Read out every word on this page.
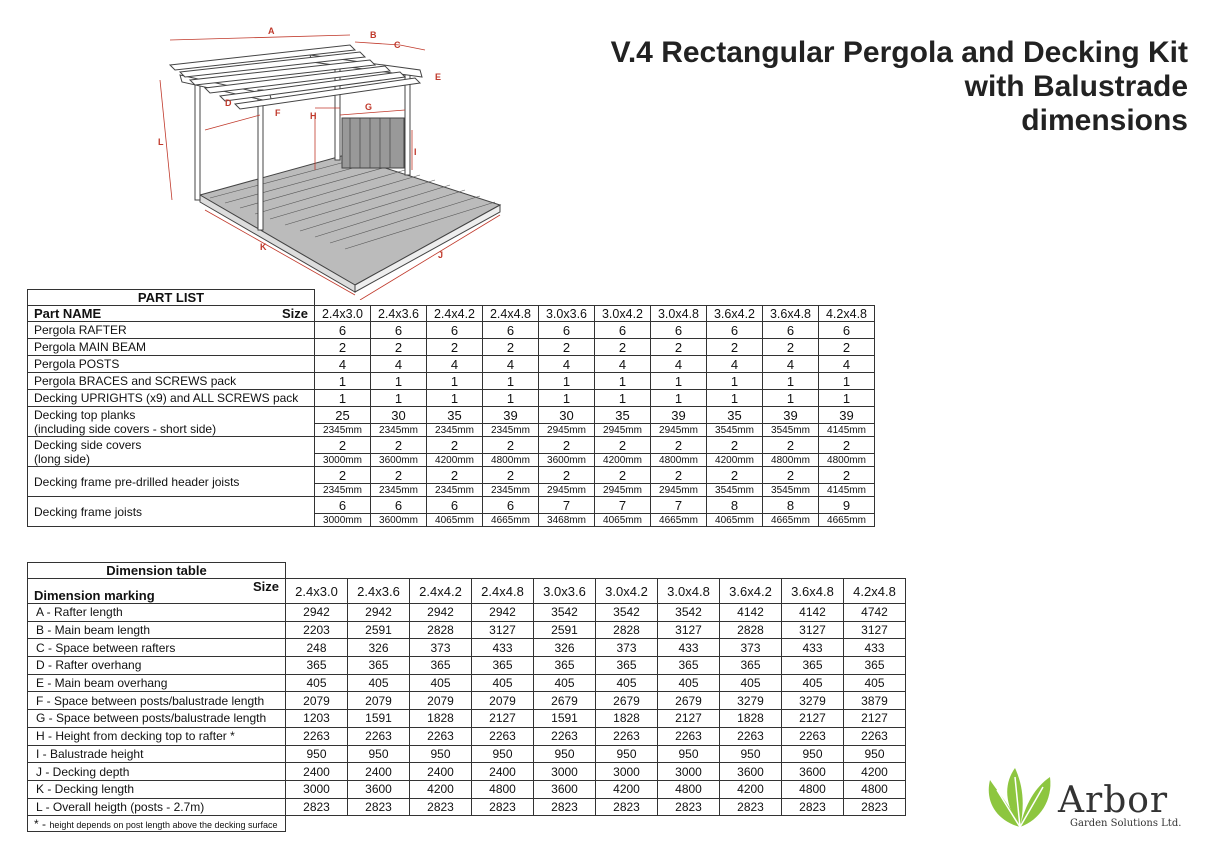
V.4 Rectangular Pergola and Decking Kit
with Balustrade
dimensions
A	B
C
E
D
F	H
G
I
L
K
J
PART LIST										

Part NAME Size	2.4x3.0	2.4x3.6	2.4x4.2	2.4x4.8	3.0x3.6	3.0x4.2	3.0x4.8	3.6x4.2	3.6x4.8	4.2x4.8

Pergola RAFTER	6	6	6	6	6	6	6	6	6	6

Pergola MAIN BEAM	2	2	2	2	2	2	2	2	2	2

Pergola POSTS	4	4	4	4	4	4	4	4	4	4

Pergola BRACES and SCREWS pack	1	1	1	1	1	1	1	1	1	1

Decking UPRIGHTS (x9) and ALL SCREWS pack	1	1	1	1	1	1	1	1	1	1

Decking top planks
(including side covers - short side)	25	30	35	39	30	35	39	35	39	39
	2345mm	2345mm	2345mm	2345mm	2945mm	2945mm	2945mm	3545mm	3545mm	4145mm

Decking side covers
(long side)	2	2	2	2	2	2	2	2	2	2
	3000mm	3600mm	4200mm	4800mm	3600mm	4200mm	4800mm	4200mm	4800mm	4800mm

Decking frame pre-drilled header joists	2	2	2	2	2	2	2	2	2	2
	2345mm	2345mm	2345mm	2345mm	2945mm	2945mm	2945mm	3545mm	3545mm	4145mm

Decking frame joists	6	6	6	6	7	7	7	8	8	9
	3000mm	3600mm	4065mm	4665mm	3468mm	4065mm	4665mm	4065mm	4665mm	4665mm
Dimension table										

Size
Dimension marking	2.4x3.0	2.4x3.6	2.4x4.2	2.4x4.8	3.0x3.6	3.0x4.2	3.0x4.8	3.6x4.2	3.6x4.8	4.2x4.8
A - Rafter length	2942	2942	2942	2942	3542	3542	3542	4142	4142	4742
B - Main beam length	2203	2591	2828	3127	2591	2828	3127	2828	3127	3127
C - Space between rafters	248	326	373	433	326	373	433	373	433	433
D - Rafter overhang	365	365	365	365	365	365	365	365	365	365
E - Main beam overhang	405	405	405	405	405	405	405	405	405	405
F - Space between posts/balustrade length	2079	2079	2079	2079	2679	2679	2679	3279	3279	3879
G - Space between posts/balustrade length	1203	1591	1828	2127	1591	1828	2127	1828	2127	2127
H - Height from decking top to rafter *	2263	2263	2263	2263	2263	2263	2263	2263	2263	2263
I - Balustrade height	950	950	950	950	950	950	950	950	950	950
J - Decking depth	2400	2400	2400	2400	3000	3000	3000	3600	3600	4200
K - Decking length	3000	3600	4200	4800	3600	4200	4800	4200	4800	4800
L - Overall heigth (posts - 2.7m)	2823	2823	2823	2823	2823	2823	2823	2823	2823	2823
* - height depends on post length above the decking surface										
Arbor
Garden Solutions Ltd.
